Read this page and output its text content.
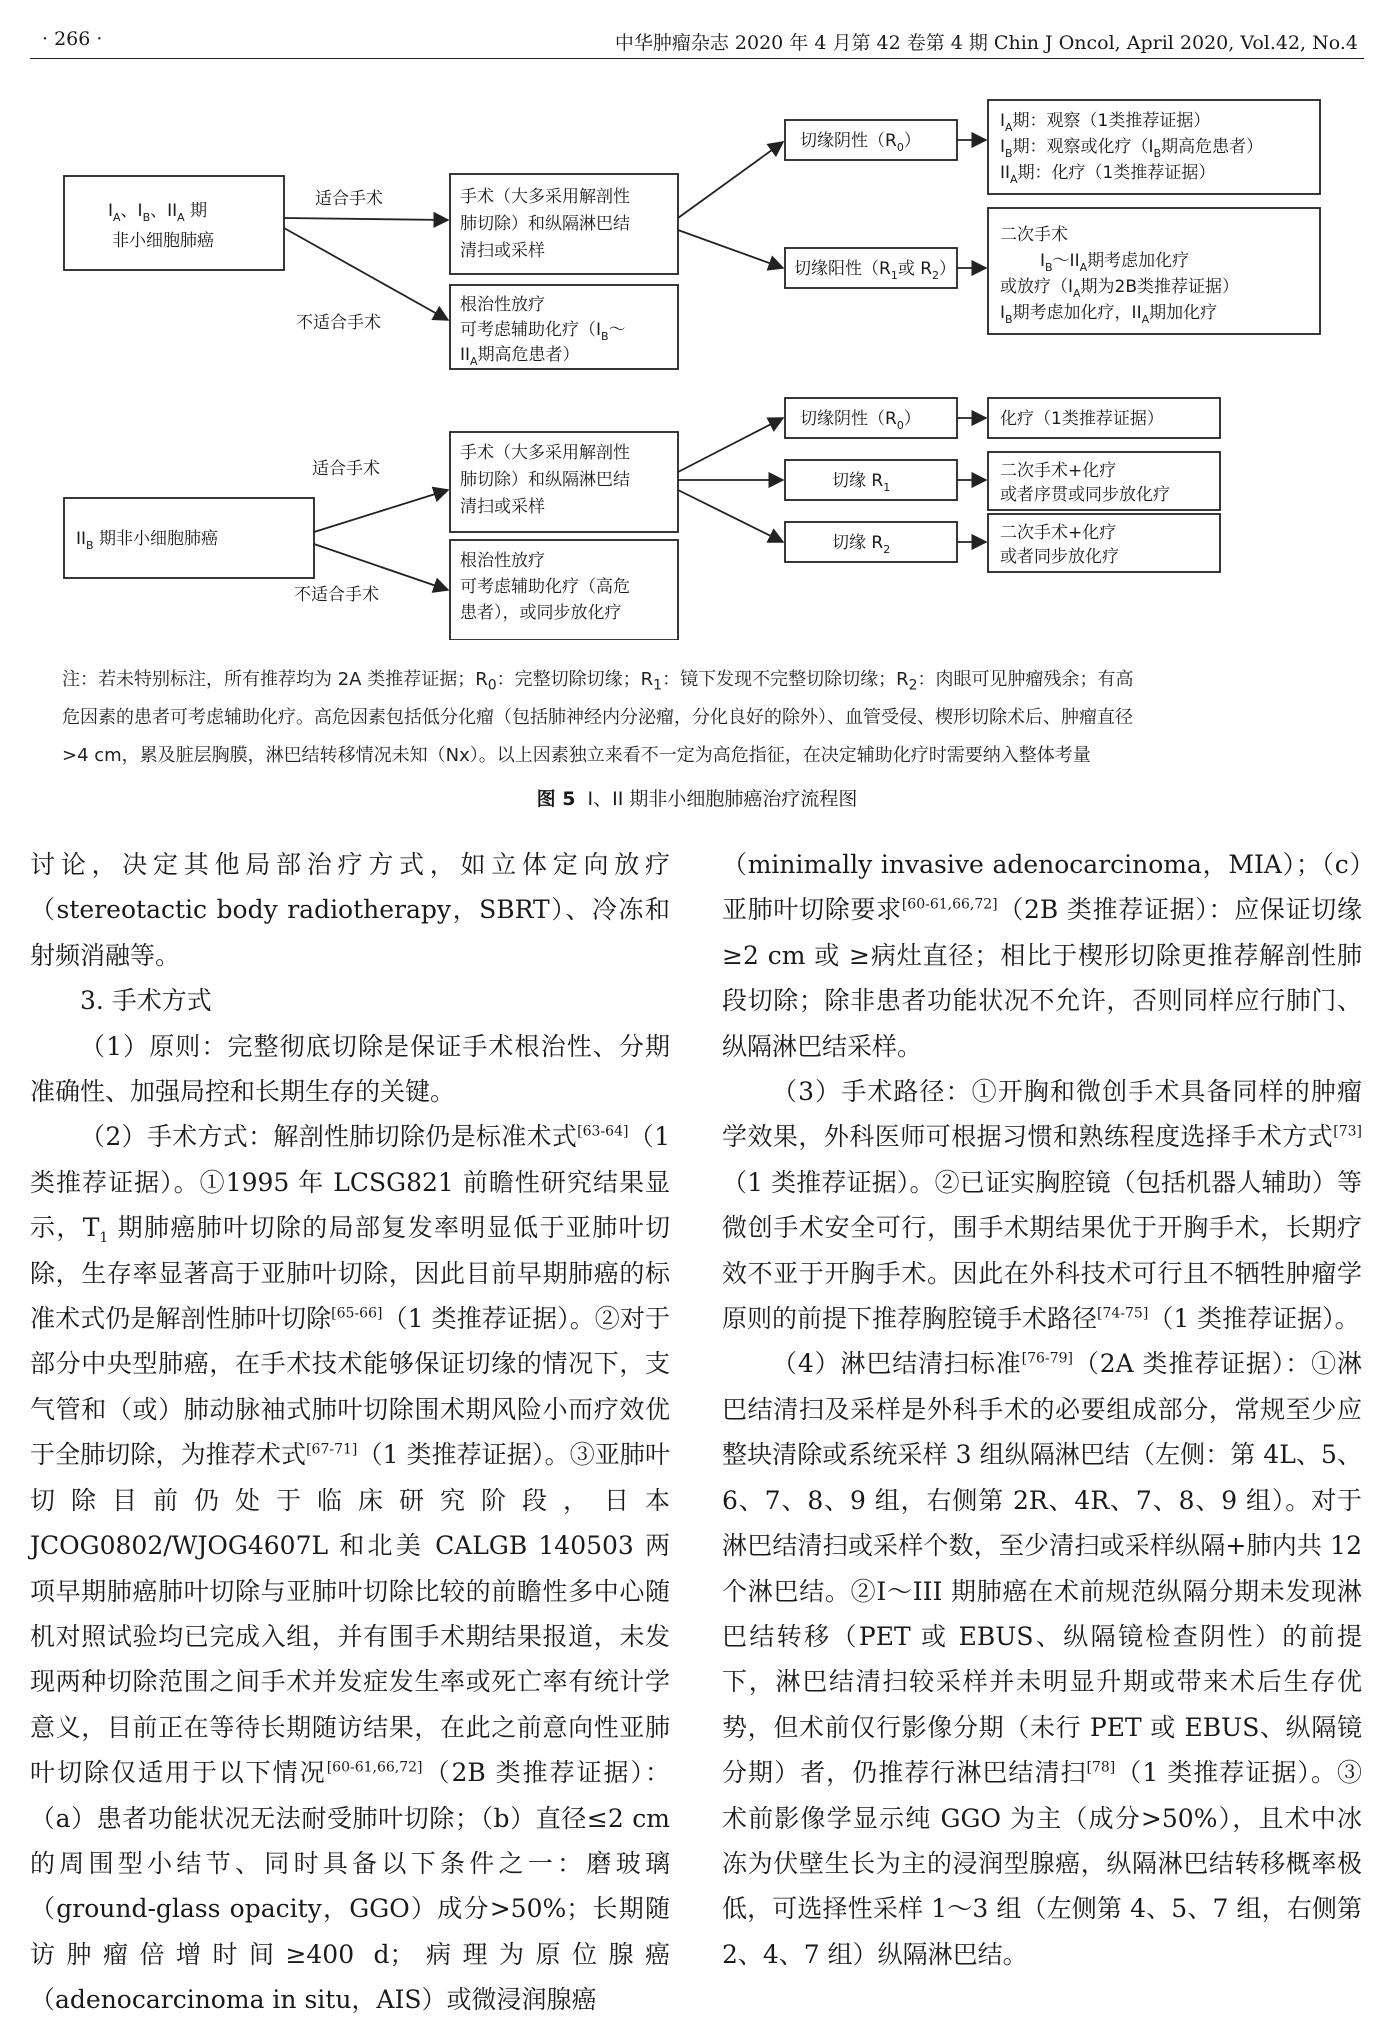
· 266 ·	中华肿瘤杂志 2020 年 4 月第 42 卷第 4 期 Chin J Oncol, April 2020, Vol.42, No.4
$I_A$、$I_B$、$II_A$ 期
非小细胞肺癌
适合手术
不适合手术
手术（大多采用解剖性
肺切除）和纵隔淋巴结
清扫或采样
根治性放疗
可考虑辅助化疗（$I_B\sim$
$II_A$期高危患者）
切缘阴性$(R_0)$
切缘阳性（$R_1$或 $R_2$）
$I_A$期：观察（1类推荐证据）
$I_B$期：观察或化疗（$I_B$期高危患者）
$II_A$期：化疗（1类推荐证据）
二次手术
$I_B\sim II_A$期考虑加化疗
或放疗（$I_A$期为2B类推荐证据）
$I_B$期考虑加化疗，$II_A$期加化疗
$II_B$ 期非小细胞肺癌
适合手术
不适合手术
手术（大多采用解剖性
肺切除）和纵隔淋巴结
清扫或采样
根治性放疗
可考虑辅助化疗（高危
患者），或同步放化疗
切缘阴性$(R_0)$
切缘 $R_1$
切缘 $R_2$
化疗（1类推荐证据）
二次手术+化疗
或者序贯或同步放化疗
二次手术+化疗
或者同步放化疗
注：若未特别标注，所有推荐均为 2A 类推荐证据；$R_0$：完整切除切缘；$R_1$：镜下发现不完整切除切缘；$R_2$：肉眼可见肿瘤残余；有高
危因素的患者可考虑辅助化疗。高危因素包括低分化瘤（包括肺神经内分泌瘤，分化良好的除外）、血管受侵、楔形切除术后、肿瘤直径
>4 cm，累及脏层胸膜，淋巴结转移情况未知（Nx）。以上因素独立来看不一定为高危指征，在决定辅助化疗时需要纳入整体考量
图 5 I、II 期非小细胞肺癌治疗流程图

讨论，决定其他局部治疗方式，如立体定向放疗（stereotactic body radiotherapy，SBRT）、冷冻和射频消融等。

3. 手术方式

（1）原则：完整彻底切除是保证手术根治性、分期准确性、加强局控和长期生存的关键。

（2）手术方式：解剖性肺切除仍是标准术式[63-64]（1 类推荐证据）。①1995 年 LCSG821 前瞻性研究结果显示，$T_1$ 期肺癌肺叶切除的局部复发率明显低于亚肺叶切除，生存率显著高于亚肺叶切除，因此目前早期肺癌的标准术式仍是解剖性肺叶切除[65-66]（1 类推荐证据）。②对于部分中央型肺癌，在手术技术能够保证切缘的情况下，支气管和（或）肺动脉袖式肺叶切除围术期风险小而疗效优于全肺切除，为推荐术式[67-71]（1 类推荐证据）。③亚肺叶切除目前仍处于临床研究阶段，日本 JCOG0802/WJOG4607L 和北美 CALGB 140503 两项早期肺癌肺叶切除与亚肺叶切除比较的前瞻性多中心随机对照试验均已完成入组，并有围手术期结果报道，未发现两种切除范围之间手术并发症发生率或死亡率有统计学意义，目前正在等待长期随访结果，在此之前意向性亚肺叶切除仅适用于以下情况[60-61,66,72]（2B 类推荐证据）：（a）患者功能状况无法耐受肺叶切除；（b）直径≤2 cm 的周围型小结节、同时具备以下条件之一：磨玻璃（ground-glass opacity，GGO）成分>50%；长期随访肿瘤倍增时间≥400 d；病理为原位腺癌（adenocarcinoma in situ，AIS）或微浸润腺癌

（minimally invasive adenocarcinoma，MIA）；（c）亚肺叶切除要求[60-61,66,72]（2B 类推荐证据）：应保证切缘≥2 cm 或 ≥病灶直径；相比于楔形切除更推荐解剖性肺段切除；除非患者功能状况不允许，否则同样应行肺门、纵隔淋巴结采样。

（3）手术路径：①开胸和微创手术具备同样的肿瘤学效果，外科医师可根据习惯和熟练程度选择手术方式[73]（1 类推荐证据）。②已证实胸腔镜（包括机器人辅助）等微创手术安全可行，围手术期结果优于开胸手术，长期疗效不亚于开胸手术。因此在外科技术可行且不牺牲肿瘤学原则的前提下推荐胸腔镜手术路径[74-75]（1 类推荐证据）。

（4）淋巴结清扫标准[76-79]（2A 类推荐证据）：①淋巴结清扫及采样是外科手术的必要组成部分，常规至少应整块清除或系统采样 3 组纵隔淋巴结（左侧：第 4L、5、6、7、8、9 组，右侧第 2R、4R、7、8、9 组）。对于淋巴结清扫或采样个数，至少清扫或采样纵隔+肺内共 12 个淋巴结。②I～III 期肺癌在术前规范纵隔分期未发现淋巴结转移（PET 或 EBUS、纵隔镜检查阴性）的前提下，淋巴结清扫较采样并未明显升期或带来术后生存优势，但术前仅行影像分期（未行 PET 或 EBUS、纵隔镜分期）者，仍推荐行淋巴结清扫[78]（1 类推荐证据）。③术前影像学显示纯 GGO 为主（成分>50%），且术中冰冻为伏壁生长为主的浸润型腺癌，纵隔淋巴结转移概率极低，可选择性采样 1～3 组（左侧第 4、5、7 组，右侧第 2、4、7 组）纵隔淋巴结。
